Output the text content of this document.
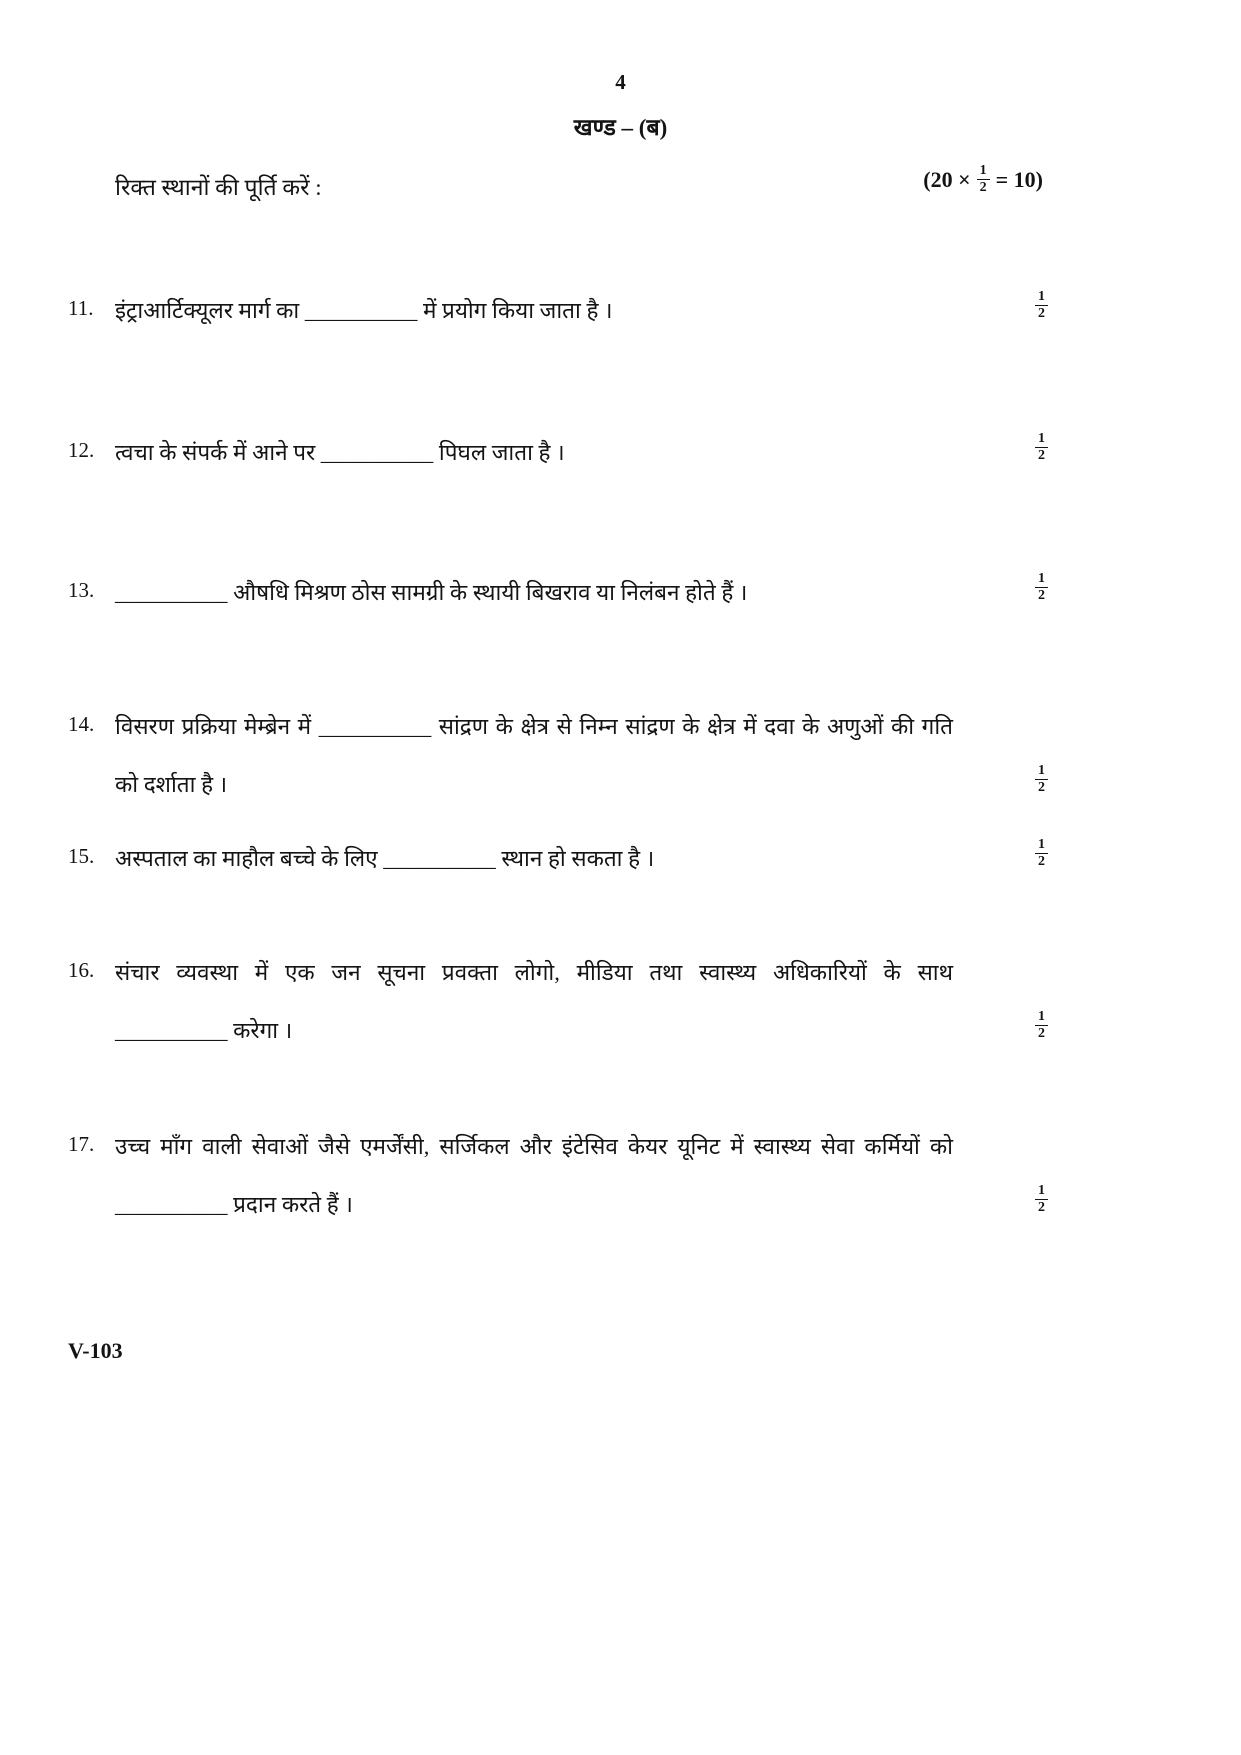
4
खण्ड – (ब)
रिक्त स्थानों की पूर्ति करें :	$(20 \times \frac{1}{2} = 10)$
11. इंट्राआर्टिक्यूलर मार्ग का __________ में प्रयोग किया जाता है ।	$\frac{1}{2}$
12. त्वचा के संपर्क में आने पर __________ पिघल जाता है ।	$\frac{1}{2}$
13. __________ औषधि मिश्रण ठोस सामग्री के स्थायी बिखराव या निलंबन होते हैं ।	$\frac{1}{2}$
14. विसरण प्रक्रिया मेम्ब्रेन में __________ सांद्रण के क्षेत्र से निम्न सांद्रण के क्षेत्र में दवा के अणुओं की गति
को दर्शाता है ।	$\frac{1}{2}$
15. अस्पताल का माहौल बच्चे के लिए __________ स्थान हो सकता है ।	$\frac{1}{2}$
16. संचार व्यवस्था में एक जन सूचना प्रवक्ता लोगो, मीडिया तथा स्वास्थ्य अधिकारियों के साथ
__________ करेगा ।	$\frac{1}{2}$
17. उच्च माँग वाली सेवाओं जैसे एमर्जेंसी, सर्जिकल और इंटेसिव केयर यूनिट में स्वास्थ्य सेवा कर्मियों को
__________ प्रदान करते हैं ।	$\frac{1}{2}$
V-103
